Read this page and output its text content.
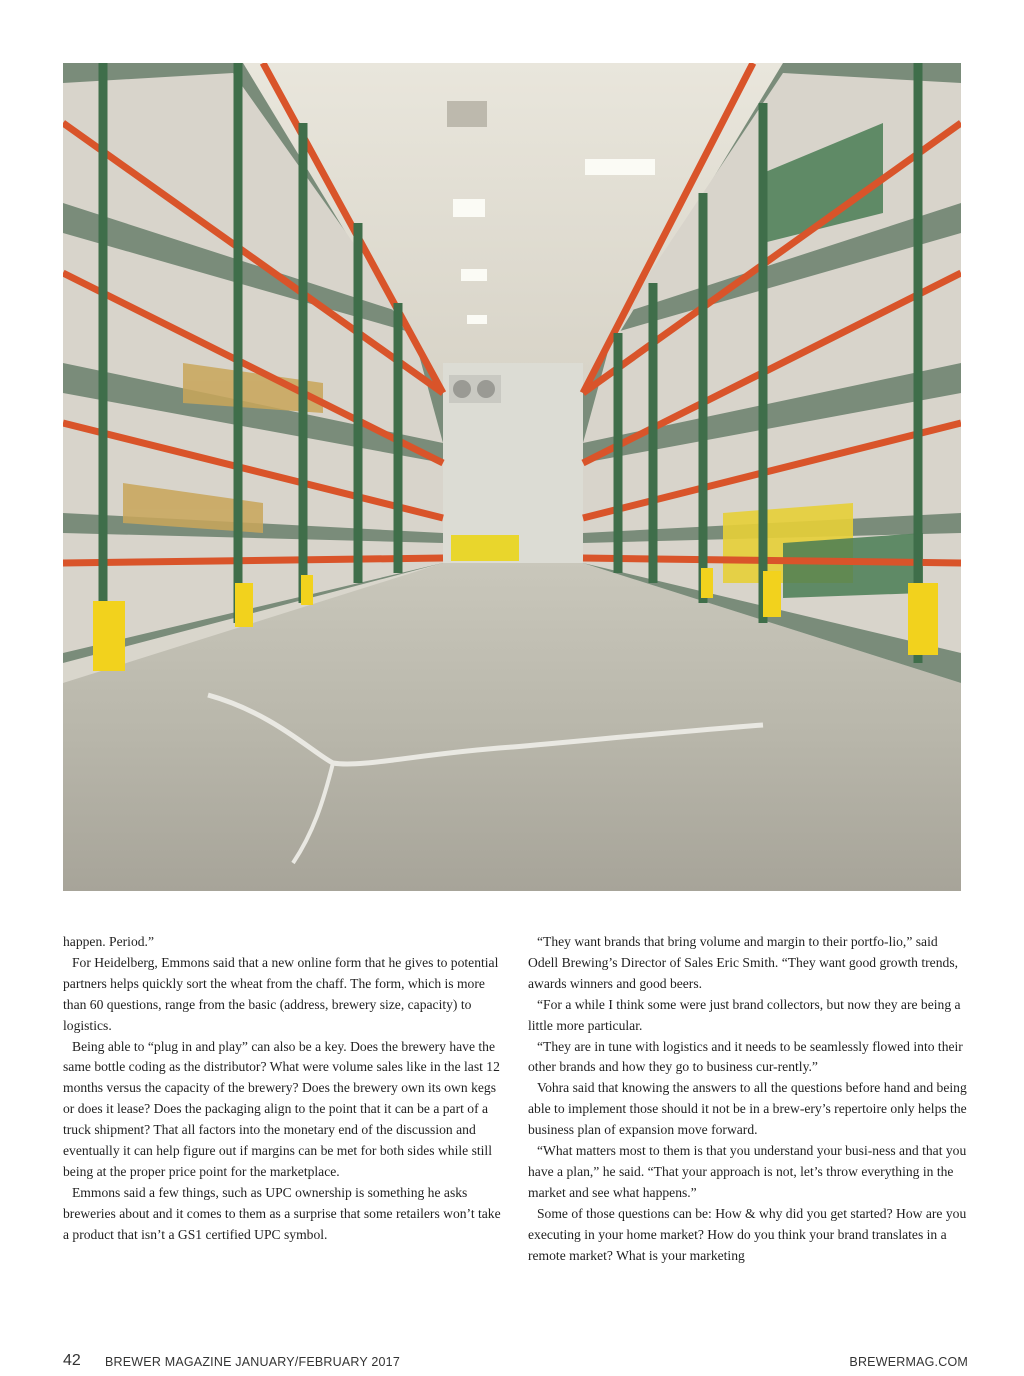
happen. Period.”

For Heidelberg, Emmons said that a new online form that he gives to potential partners helps quickly sort the wheat from the chaff. The form, which is more than 60 questions, range from the basic (address, brewery size, capacity) to logistics.

Being able to “plug in and play” can also be a key. Does the brewery have the same bottle coding as the distributor? What were volume sales like in the last 12 months versus the capacity of the brewery? Does the brewery own its own kegs or does it lease? Does the packaging align to the point that it can be a part of a truck shipment? That all factors into the monetary end of the discussion and eventually it can help figure out if margins can be met for both sides while still being at the proper price point for the marketplace.

Emmons said a few things, such as UPC ownership is something he asks breweries about and it comes to them as a surprise that some retailers won’t take a product that isn’t a GS1 certified UPC symbol.

“They want brands that bring volume and margin to their portfo-lio,” said Odell Brewing’s Director of Sales Eric Smith. “They want good growth trends, awards winners and good beers.

“For a while I think some were just brand collectors, but now they are being a little more particular.

“They are in tune with logistics and it needs to be seamlessly flowed into their other brands and how they go to business cur-rently.”

Vohra said that knowing the answers to all the questions before hand and being able to implement those should it not be in a brew-ery’s repertoire only helps the business plan of expansion move forward.

“What matters most to them is that you understand your busi-ness and that you have a plan,” he said. “That your approach is not, let’s throw everything in the market and see what happens.”

Some of those questions can be: How & why did you get started? How are you executing in your home market? How do you think your brand translates in a remote market? What is your marketing

42 BREWER MAGAZINE JANUARY/FEBRUARY 2017	BREWERMAG.COM
